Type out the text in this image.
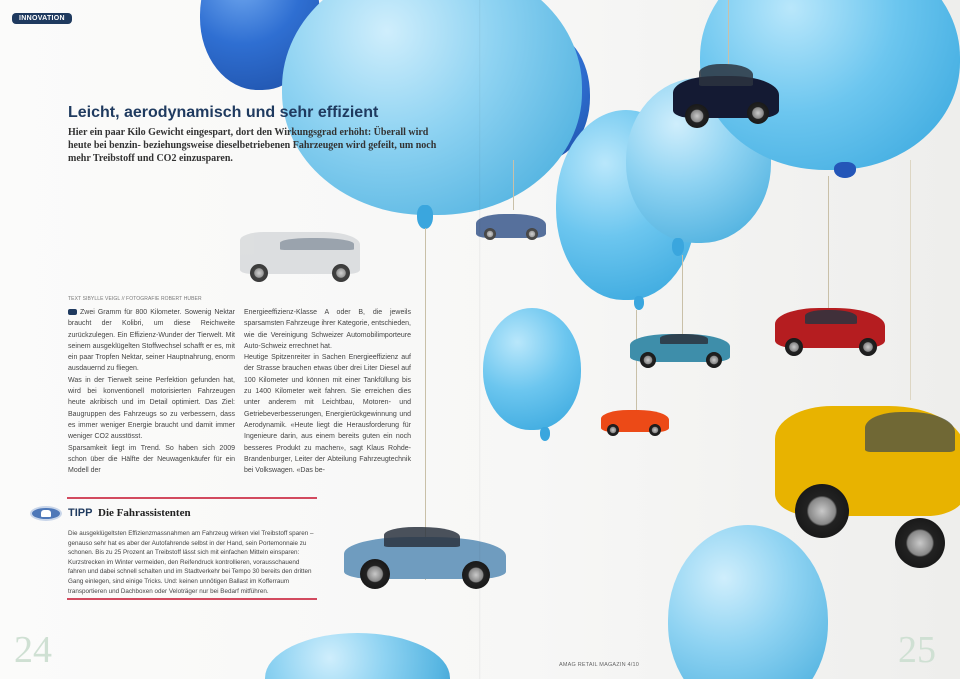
INNOVATION
Leicht, aerodynamisch und sehr effizient
Hier ein paar Kilo Gewicht eingespart, dort den Wirkungsgrad erhöht: Überall wird heute bei benzin- beziehungsweise dieselbetriebenen Fahrzeugen wird gefeilt, um noch mehr Treibstoff und CO2 einzusparen.
TEXT SIBYLLE VEIGL // FOTOGRAFIE ROBERT HUBER

Zwei Gramm für 800 Kilometer. Sowenig Nektar braucht der Kolibri, um diese Reichweite zurückzulegen. Ein Effizienz-Wunder der Tierwelt. Mit seinem ausgeklügelten Stoffwechsel schafft er es, mit ein paar Tropfen Nektar, seiner Hauptnahrung, enorm ausdauernd zu fliegen.

Was in der Tierwelt seine Perfektion gefunden hat, wird bei konventionell motorisierten Fahrzeugen heute akribisch und im Detail optimiert. Das Ziel: Baugruppen des Fahrzeugs so zu verbessern, dass es immer weniger Energie braucht und damit immer weniger CO2 ausstösst.

Sparsamkeit liegt im Trend. So haben sich 2009 schon über die Hälfte der Neuwagenkäufer für ein Modell der

Energieeffizienz-Klasse A oder B, die jeweils sparsamsten Fahrzeuge ihrer Kategorie, entschieden, wie die Vereinigung Schweizer Automobilimporteure Auto-Schweiz errechnet hat.

Heutige Spitzenreiter in Sachen Energieeffizienz auf der Strasse brauchen etwas über drei Liter Diesel auf 100 Kilometer und können mit einer Tankfüllung bis zu 1400 Kilometer weit fahren. Sie erreichen dies unter anderem mit Leichtbau, Motoren- und Getriebeverbesserungen, Energierückgewinnung und Aerodynamik. «Heute liegt die Herausforderung für Ingenieure darin, aus einem bereits guten ein noch besseres Produkt zu machen», sagt Klaus Rohde-Brandenburger, Leiter der Abteilung Fahrzeugtechnik bei Volkswagen. «Das be-

TIPP Die Fahrassistenten
Die ausgeklügeltsten Effizienzmassnahmen am Fahrzeug wirken viel Treibstoff sparen – genauso sehr hat es aber der Autofahrende selbst in der Hand, sein Portemonnaie zu schonen. Bis zu 25 Prozent an Treibstoff lässt sich mit einfachen Mitteln einsparen: Kurzstrecken im Winter vermeiden, den Reifendruck kontrollieren, vorausschauend fahren und dabei schnell schalten und im Stadtverkehr bei Tempo 30 bereits den dritten Gang einlegen, sind einige Tricks. Und: keinen unnötigen Ballast im Kofferraum transportieren und Dachboxen oder Veloträger nur bei Bedarf mitführen.
24	25
AMAG RETAIL MAGAZIN 4/10
